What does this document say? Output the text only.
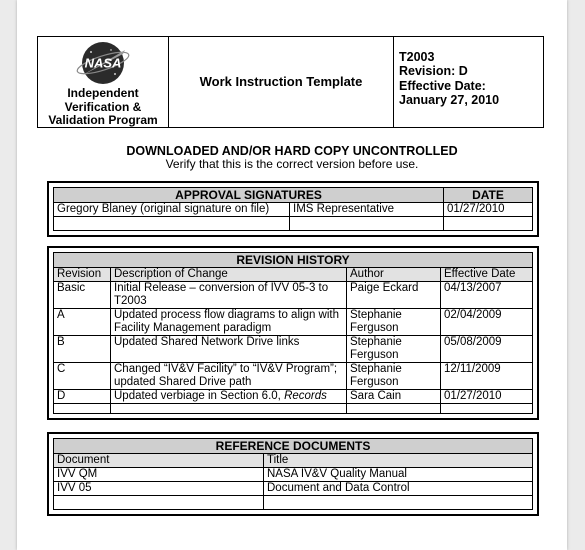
NASA
Independent
Verification &
Validation Program
Work Instruction Template
T2003
Revision: D
Effective Date:
January 27, 2010
DOWNLOADED AND/OR HARD COPY UNCONTROLLED
Verify that this is the correct version before use.
APPROVAL SIGNATURES		DATE
Gregory Blaney (original signature on file)	IMS Representative	01/27/2010

REVISION HISTORY			
Revision	Description of Change	Author	Effective Date
Basic	Initial Release – conversion of IVV 05-3 to T2003	Paige Eckard	04/13/2007
A	Updated process flow diagrams to align with Facility Management paradigm	Stephanie Ferguson	02/04/2009
B	Updated Shared Network Drive links	Stephanie Ferguson	05/08/2009
C	Changed “IV&V Facility” to “IV&V Program”; updated Shared Drive path	Stephanie Ferguson	12/11/2009
D	Updated verbiage in Section 6.0, Records	Sara Cain	01/27/2010

REFERENCE DOCUMENTS	
Document	Title
IVV QM	NASA IV&V Quality Manual
IVV 05	Document and Data Control
